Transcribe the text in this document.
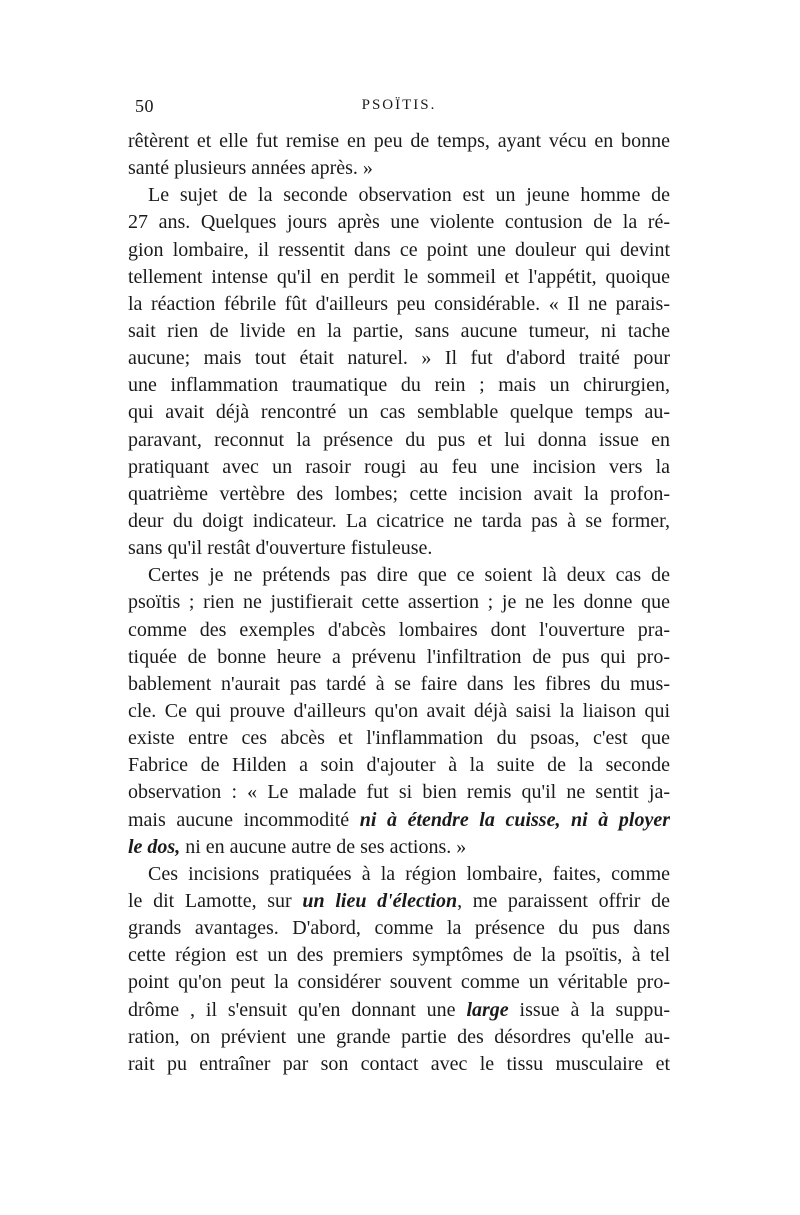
50	PSOÏTIS.
rêtèrent et elle fut remise en peu de temps, ayant vécu en bonne
santé plusieurs années après. »
Le sujet de la seconde observation est un jeune homme de
27 ans. Quelques jours après une violente contusion de la ré-
gion lombaire, il ressentit dans ce point une douleur qui devint
tellement intense qu'il en perdit le sommeil et l'appétit, quoique
la réaction fébrile fût d'ailleurs peu considérable. « Il ne parais-
sait rien de livide en la partie, sans aucune tumeur, ni tache
aucune; mais tout était naturel. » Il fut d'abord traité pour
une inflammation traumatique du rein ; mais un chirurgien,
qui avait déjà rencontré un cas semblable quelque temps au-
paravant, reconnut la présence du pus et lui donna issue en
pratiquant avec un rasoir rougi au feu une incision vers la
quatrième vertèbre des lombes; cette incision avait la profon-
deur du doigt indicateur. La cicatrice ne tarda pas à se former,
sans qu'il restât d'ouverture fistuleuse.
Certes je ne prétends pas dire que ce soient là deux cas de
psoïtis ; rien ne justifierait cette assertion ; je ne les donne que
comme des exemples d'abcès lombaires dont l'ouverture pra-
tiquée de bonne heure a prévenu l'infiltration de pus qui pro-
bablement n'aurait pas tardé à se faire dans les fibres du mus-
cle. Ce qui prouve d'ailleurs qu'on avait déjà saisi la liaison qui
existe entre ces abcès et l'inflammation du psoas, c'est que
Fabrice de Hilden a soin d'ajouter à la suite de la seconde
observation : « Le malade fut si bien remis qu'il ne sentit ja-
mais aucune incommodité ni à étendre la cuisse, ni à ployer
le dos, ni en aucune autre de ses actions. »
Ces incisions pratiquées à la région lombaire, faites, comme
le dit Lamotte, sur un lieu d'élection, me paraissent offrir de
grands avantages. D'abord, comme la présence du pus dans
cette région est un des premiers symptômes de la psoïtis, à tel
point qu'on peut la considérer souvent comme un véritable pro-
drôme , il s'ensuit qu'en donnant une large issue à la suppu-
ration, on prévient une grande partie des désordres qu'elle au-
rait pu entraîner par son contact avec le tissu musculaire et
